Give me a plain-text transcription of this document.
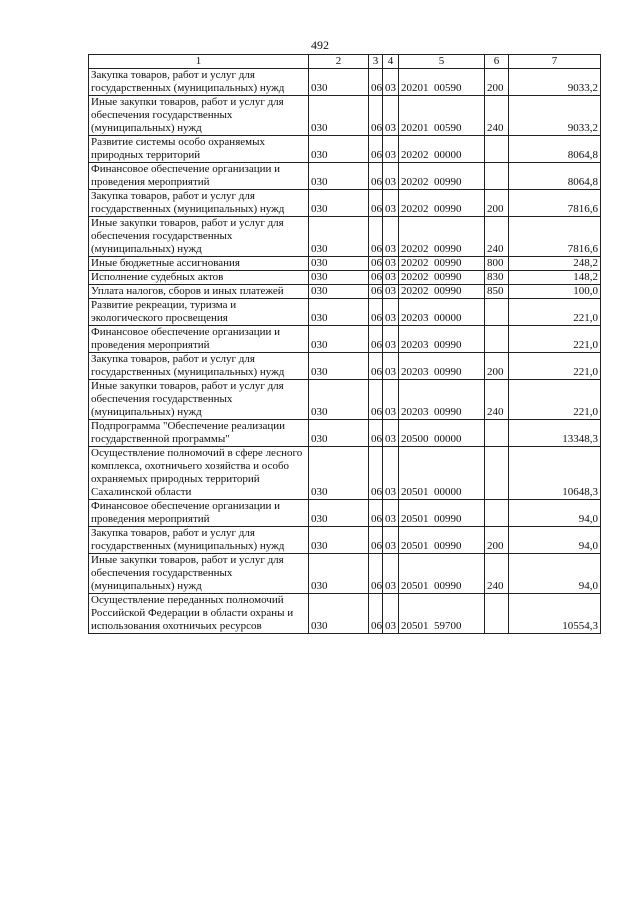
492
1	2	3	4	5	6	7
Закупка товаров, работ и услуг для государственных (муниципальных) нужд	030	06	03	20201  00590	200	9033,2
Иные закупки товаров, работ и услуг для обеспечения государственных (муниципальных) нужд	030	06	03	20201  00590	240	9033,2
Развитие системы особо охраняемых природных территорий	030	06	03	20202  00000		8064,8
Финансовое обеспечение организации и проведения мероприятий	030	06	03	20202  00990		8064,8
Закупка товаров, работ и услуг для государственных (муниципальных) нужд	030	06	03	20202  00990	200	7816,6
Иные закупки товаров, работ и услуг для обеспечения государственных (муниципальных) нужд	030	06	03	20202  00990	240	7816,6
Иные бюджетные ассигнования	030	06	03	20202  00990	800	248,2
Исполнение судебных актов	030	06	03	20202  00990	830	148,2
Уплата налогов, сборов и иных платежей	030	06	03	20202  00990	850	100,0
Развитие рекреации, туризма и экологического просвещения	030	06	03	20203  00000		221,0
Финансовое обеспечение организации и проведения мероприятий	030	06	03	20203  00990		221,0
Закупка товаров, работ и услуг для государственных (муниципальных) нужд	030	06	03	20203  00990	200	221,0
Иные закупки товаров, работ и услуг для обеспечения государственных (муниципальных) нужд	030	06	03	20203  00990	240	221,0
Подпрограмма "Обеспечение реализации государственной программы"	030	06	03	20500  00000		13348,3
Осуществление полномочий в сфере лесного комплекса, охотничьего хозяйства и особо охраняемых природных территорий Сахалинской области	030	06	03	20501  00000		10648,3
Финансовое обеспечение организации и проведения мероприятий	030	06	03	20501  00990		94,0
Закупка товаров, работ и услуг для государственных (муниципальных) нужд	030	06	03	20501  00990	200	94,0
Иные закупки товаров, работ и услуг для обеспечения государственных (муниципальных) нужд	030	06	03	20501  00990	240	94,0
Осуществление переданных полномочий Российской Федерации в области охраны и использования охотничьих ресурсов	030	06	03	20501  59700		10554,3
